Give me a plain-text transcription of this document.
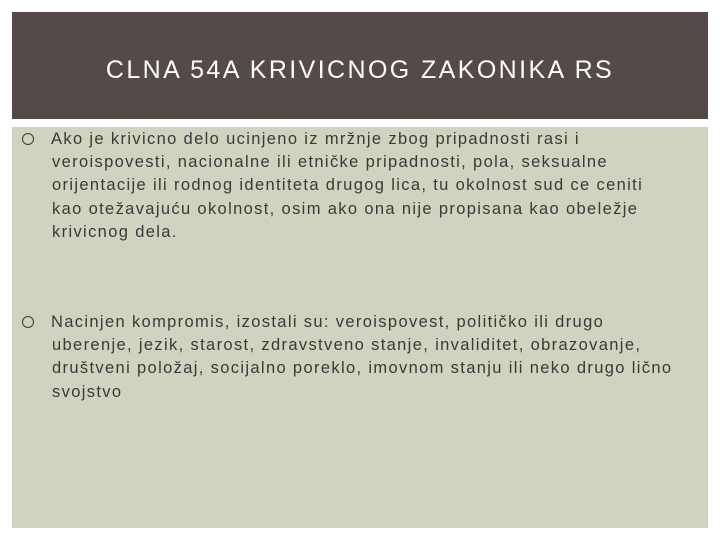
CLNA 54A KRIVICNOG ZAKONIKA RS
Ako je krivicno delo ucinjeno iz mržnje zbog pripadnosti rasi i veroispovesti, nacionalne ili etničke pripadnosti, pola, seksualne orijentacije ili rodnog identiteta drugog lica, tu okolnost sud ce ceniti kao otežavajuću okolnost, osim ako ona nije propisana kao obeležje krivicnog dela.
Nacinjen kompromis, izostali su: veroispovest, političko ili drugo uberenje, jezik, starost, zdravstveno stanje, invaliditet, obrazovanje, društveni položaj, socijalno poreklo, imovnom stanju ili neko drugo lično svojstvo
